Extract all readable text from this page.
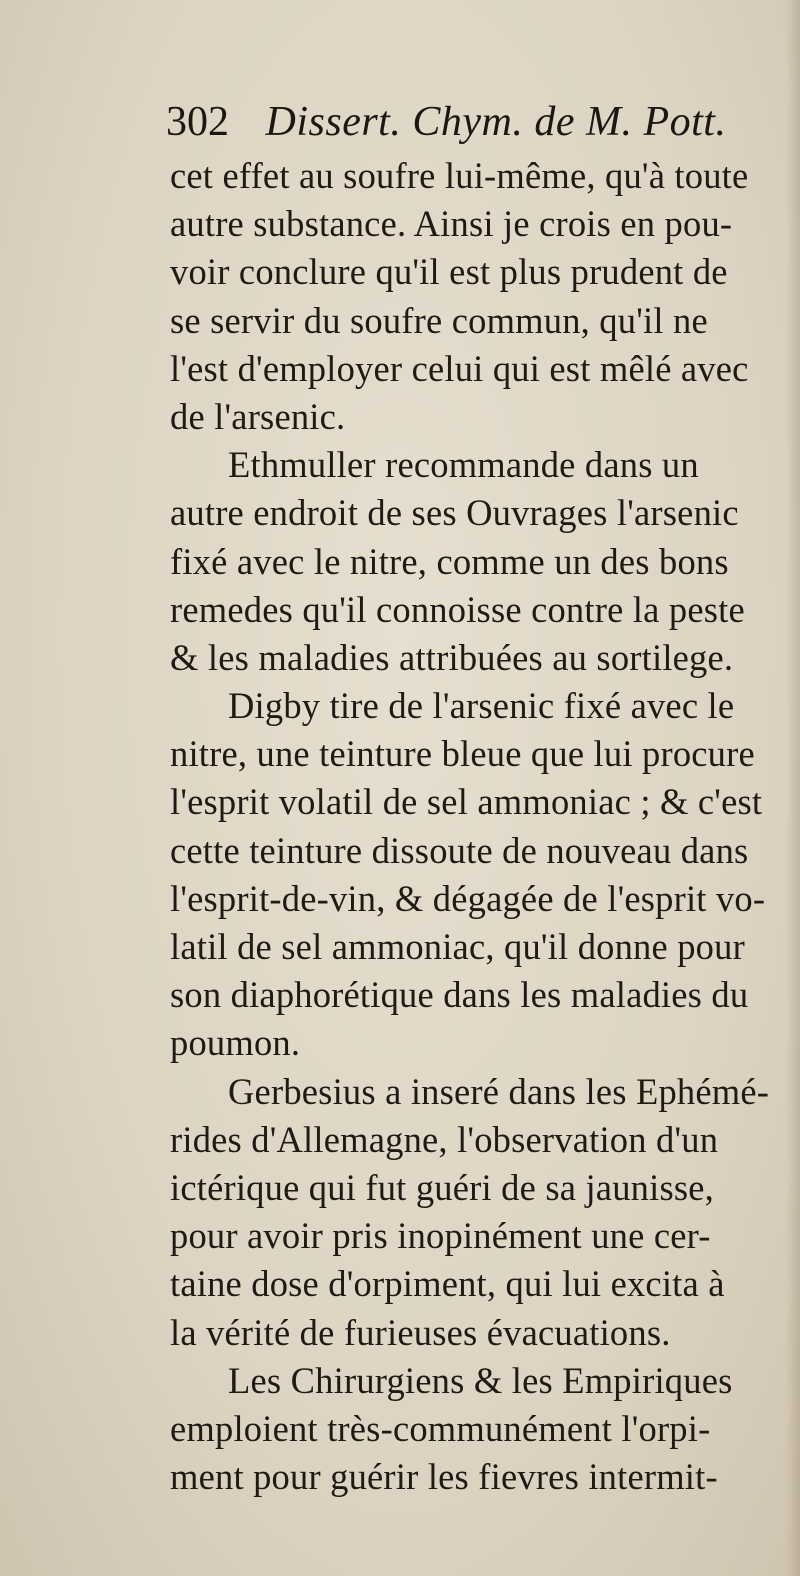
302 Dissert. Chym. de M. Pott.
cet effet au soufre lui-même, qu'à toute
autre substance. Ainsi je crois en pou-
voir conclure qu'il est plus prudent de
se servir du soufre commun, qu'il ne
l'est d'employer celui qui est mêlé avec
de l'arsenic.
Ethmuller recommande dans un
autre endroit de ses Ouvrages l'arsenic
fixé avec le nitre, comme un des bons
remedes qu'il connoisse contre la peste
& les maladies attribuées au sortilege.
Digby tire de l'arsenic fixé avec le
nitre, une teinture bleue que lui procure
l'esprit volatil de sel ammoniac ; & c'est
cette teinture dissoute de nouveau dans
l'esprit-de-vin, & dégagée de l'esprit vo-
latil de sel ammoniac, qu'il donne pour
son diaphorétique dans les maladies du
poumon.
Gerbesius a inseré dans les Ephémé-
rides d'Allemagne, l'observation d'un
ictérique qui fut guéri de sa jaunisse,
pour avoir pris inopinément une cer-
taine dose d'orpiment, qui lui excita à
la vérité de furieuses évacuations.
Les Chirurgiens & les Empiriques
emploient très-communément l'orpi-
ment pour guérir les fievres intermit-
